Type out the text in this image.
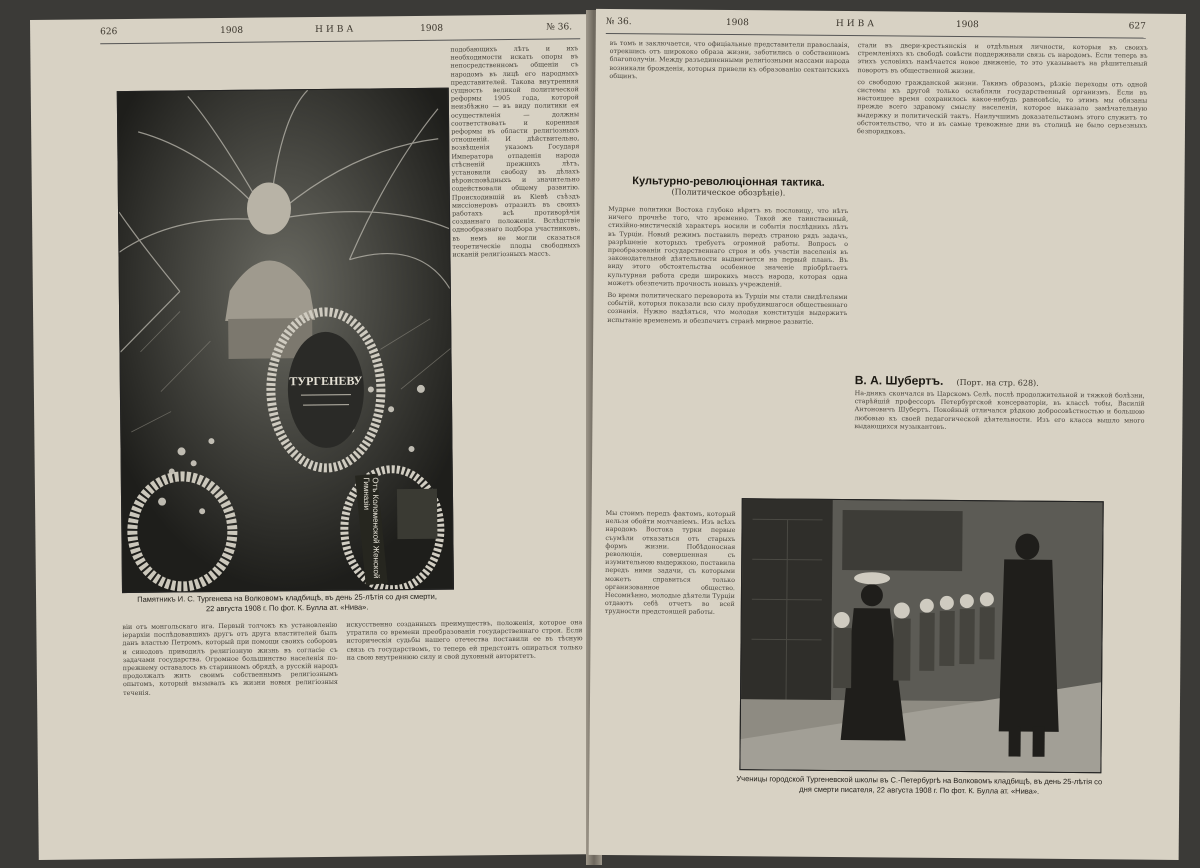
626	1908	НИВА	1908	№ 36.
ТУРГЕНЕВУ
Отъ Коломенской Женской Гимназіи
Памятникъ И. С. Тургенева на Волковомъ кладбищѣ, въ день 25-лѣтія со дня смерти,
22 августа 1908 г. По фот. К. Булла ат. «Нива».

подобающихъ лѣтъ и ихъ необходимости искать опоры въ непосредственномъ общеніи съ народомъ въ лицѣ его народныхъ представителей. Такова внутренняя сущность великой политической реформы 1905 года, которой неизбѣжно — въ виду политики ея осуществленія — должны соответствовать и коренныя реформы въ области религіозныхъ отношеній. И дѣйствительно, возвѣщенія указомъ Государя Императора отпаденія народа стѣсненій прежнихъ лѣтъ, установили свободу въ дѣлахъ вѣроисповѣдныхъ и значительно содействовали общему развитію. Происходившій въ Кіевѣ съѣздъ миссіонеровъ отразилъ въ своихъ работахъ всѣ противорѣчія созданнаго положенія. Вслѣдствіе однообразнаго подбора участниковъ, въ немъ не могли сказаться теоретическіе плоды свободныхъ исканій религіозныхъ массъ.

віи отъ монгольскаго ига. Первый толчокъ къ установленію іерархіи послѣдовавшихъ другъ отъ друга властителей былъ данъ властью Петромъ, который при помощи своихъ соборовъ и синодовъ приводилъ религіозную жизнь въ согласіе съ задачами государства. Огромное большинство населенія по-прежнему оставалось въ старинномъ обрядѣ, а русскій народъ продолжалъ жить своимъ собственнымъ религіознымъ опытомъ, который вызывалъ къ жизни новыя религіозныя теченія.

искусственно созданныхъ преимуществъ, положенія, которое она утратила со времени преобразованія государственнаго строя. Если историческія судьбы нашего отечества поставили ее въ тѣсную связь съ государствомъ, то теперь ей предстоитъ опираться только на свою внутреннюю силу и свой духовный авторитетъ.

№ 36.	1908	НИВА	1908	627

въ томъ и заключается, что офиціальные представители православія, отрекшись отъ ширококо образа жизни, заботились о собственномъ благополучіи. Между разъединенными религіозными массами народа возникали брожденія, которыя привели къ образованію сектантскихъ общинъ.

Культурно-революціонная тактика.
(Политическое обозрѣніе).

Мудрые политики Востока глубоко вѣрятъ въ пословицу, что нѣтъ ничего прочнѣе того, что временно. Такой же таинственный, стихійно-мистическій характеръ носили и событія послѣднихъ лѣтъ въ Турціи. Новый режимъ поставилъ передъ страною рядъ задачъ, разрѣшеніе которыхъ требуетъ огромной работы. Вопросъ о преобразованіи государственнаго строя и объ участіи населенія въ законодательной дѣятельности выдвигается на первый планъ. Въ виду этого обстоятельства особенное значеніе пріобрѣтаетъ культурная работа среди широкихъ массъ народа, которая одна можетъ обезпечить прочность новыхъ учрежденій.

Во время политическаго переворота въ Турціи мы стали свидѣтелями событій, которыя показали всю силу пробудившагося общественнаго сознанія. Нужно надѣяться, что молодая конституція выдержитъ испытаніе временемъ и обезпечитъ странѣ мирное развитіе.

стали въ двери-крестьянскія и отдѣльныя личности, которыя въ своихъ стремленіяхъ къ свободѣ совѣсти поддерживали связь съ народомъ. Если теперь въ этихъ условіяхъ намѣчается новое движеніе, то это указываетъ на рѣшительный поворотъ въ общественной жизни.

со свободою гражданской жизни. Такимъ образомъ, рѣзкіе переходы отъ одной системы къ другой только ослабляли государственный организмъ. Если въ настоящее время сохранилось какое-нибудь равновѣсіе, то этимъ мы обязаны прежде всего здравому смыслу населенія, которое выказало замѣчательную выдержку и политическій тактъ. Наилучшимъ доказательствомъ этого служитъ то обстоятельство, что и въ самые тревожные дни въ столицѣ не было серьезныхъ безпорядковъ.

В. А. Шубертъ. (Порт. на стр. 628).

На-днякъ скончался въ Царскомъ Селѣ, послѣ продолжительной и тяжкой болѣзни, старѣйшій профессоръ Петербургской консерваторіи, въ классѣ тобы, Василій Антоновичъ Шубертъ. Покойный отличался рѣдкою добросовѣстностью и большою любовью къ своей педагогической дѣятельности. Изъ его класса вышло много выдающихся музыкантовъ.

Мы стоимъ передъ фактомъ, который нельзя обойти молчаніемъ. Изъ всѣхъ народовъ Востока турки первые съумѣли отказаться отъ старыхъ формъ жизни. Побѣдоносная революція, совершенная съ изумительною выдержкою, поставила передъ ними задачи, съ которыми можетъ справиться только организованное общество. Несомнѣнно, молодые дѣятели Турціи отдаютъ себѣ отчетъ во всей трудности предстоящей работы.

Ученицы городской Тургеневской школы въ С.-Петербургѣ на Волковомъ кладбищѣ, въ день 25-лѣтія со
дня смерти писателя, 22 августа 1908 г. По фот. К. Булла ат. «Нива».
